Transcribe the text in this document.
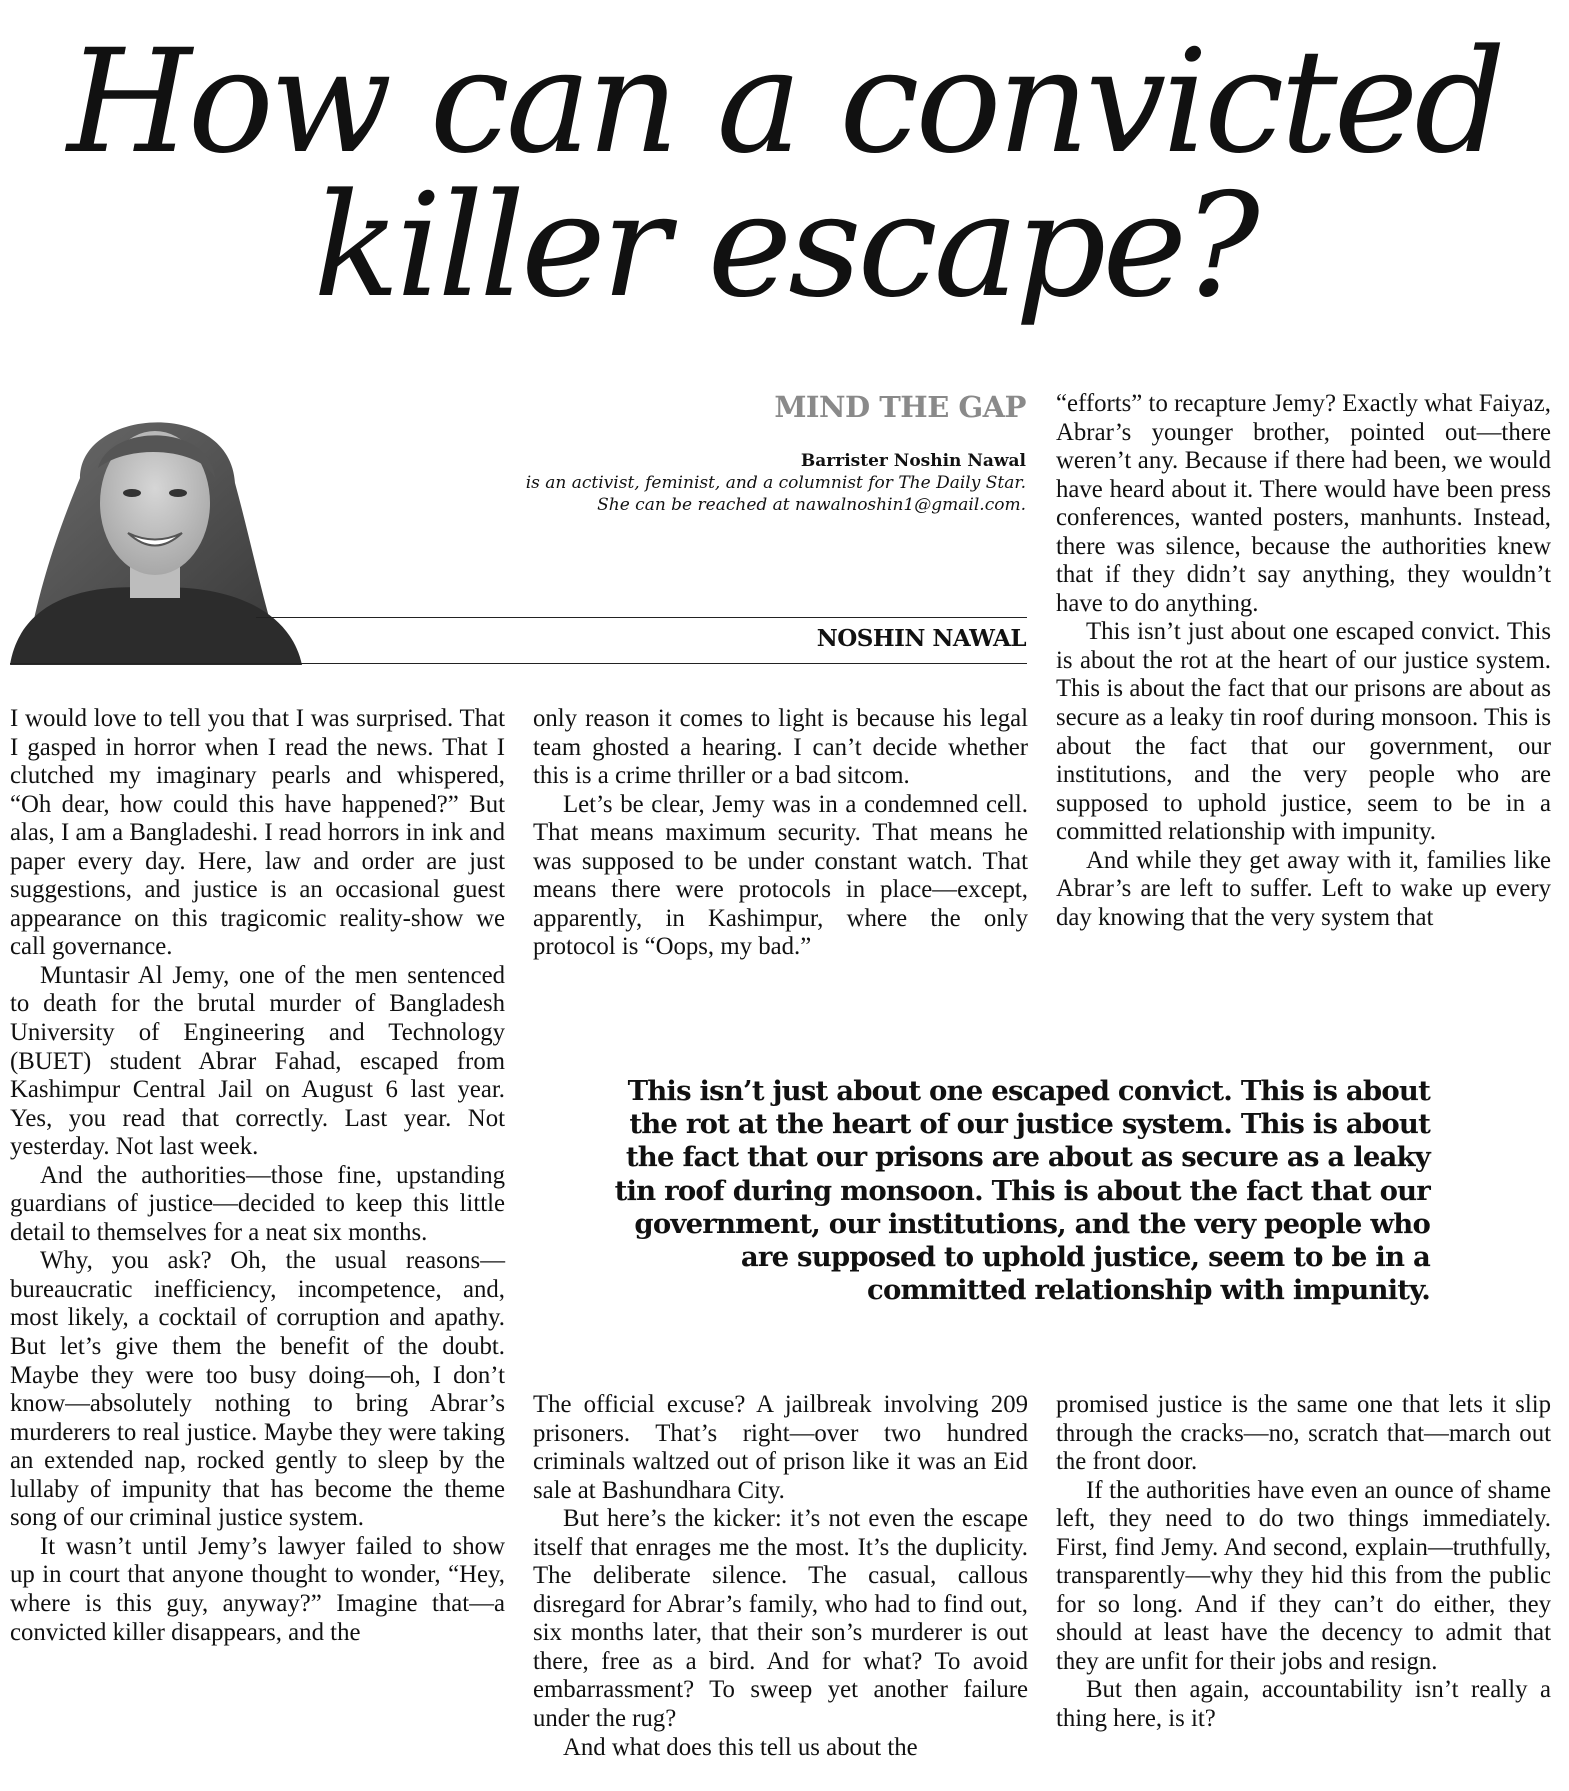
How can a convicted
killer escape?
MIND THE GAP
Barrister Noshin Nawal
is an activist, feminist, and a columnist for The Daily Star.
She can be reached at nawalnoshin1@gmail.com.
NOSHIN NAWAL

I would love to tell you that I was surprised. That I gasped in horror when I read the news. That I clutched my imaginary pearls and whispered, “Oh dear, how could this have happened?” But alas, I am a Bangladeshi. I read horrors in ink and paper every day. Here, law and order are just suggestions, and justice is an occasional guest appearance on this tragicomic reality-show we call governance.

Muntasir Al Jemy, one of the men sentenced to death for the brutal murder of Bangladesh University of Engineering and Technology (BUET) student Abrar Fahad, escaped from Kashimpur Central Jail on August 6 last year. Yes, you read that correctly. Last year. Not yesterday. Not last week.

And the authorities—those fine, upstanding guardians of justice—decided to keep this little detail to themselves for a neat six months.

Why, you ask? Oh, the usual reasons—bureaucratic inefficiency, incompetence, and, most likely, a cocktail of corruption and apathy. But let’s give them the benefit of the doubt. Maybe they were too busy doing—oh, I don’t know—absolutely nothing to bring Abrar’s murderers to real justice. Maybe they were taking an extended nap, rocked gently to sleep by the lullaby of impunity that has become the theme song of our criminal justice system.

It wasn’t until Jemy’s lawyer failed to show up in court that anyone thought to wonder, “Hey, where is this guy, anyway?” Imagine that—a convicted killer disappears, and the

only reason it comes to light is because his legal team ghosted a hearing. I can’t decide whether this is a crime thriller or a bad sitcom.

Let’s be clear, Jemy was in a condemned cell. That means maximum security. That means he was supposed to be under constant watch. That means there were protocols in place—except, apparently, in Kashimpur, where the only protocol is “Oops, my bad.”

“efforts” to recapture Jemy? Exactly what Faiyaz, Abrar’s younger brother, pointed out—there weren’t any. Because if there had been, we would have heard about it. There would have been press conferences, wanted posters, manhunts. Instead, there was silence, because the authorities knew that if they didn’t say anything, they wouldn’t have to do anything.

This isn’t just about one escaped convict. This is about the rot at the heart of our justice system. This is about the fact that our prisons are about as secure as a leaky tin roof during monsoon. This is about the fact that our government, our institutions, and the very people who are supposed to uphold justice, seem to be in a committed relationship with impunity.

And while they get away with it, families like Abrar’s are left to suffer. Left to wake up every day knowing that the very system that

This isn’t just about one escaped convict. This is about the rot at the heart of our justice system. This is about the fact that our prisons are about as secure as a leaky tin roof during monsoon. This is about the fact that our government, our institutions, and the very people who are supposed to uphold justice, seem to be in a committed relationship with impunity.

The official excuse? A jailbreak involving 209 prisoners. That’s right—over two hundred criminals waltzed out of prison like it was an Eid sale at Bashundhara City.

But here’s the kicker: it’s not even the escape itself that enrages me the most. It’s the duplicity. The deliberate silence. The casual, callous disregard for Abrar’s family, who had to find out, six months later, that their son’s murderer is out there, free as a bird. And for what? To avoid embarrassment? To sweep yet another failure under the rug?

And what does this tell us about the

promised justice is the same one that lets it slip through the cracks—no, scratch that—march out the front door.

If the authorities have even an ounce of shame left, they need to do two things immediately. First, find Jemy. And second, explain—truthfully, transparently—why they hid this from the public for so long. And if they can’t do either, they should at least have the decency to admit that they are unfit for their jobs and resign.

But then again, accountability isn’t really a thing here, is it?
